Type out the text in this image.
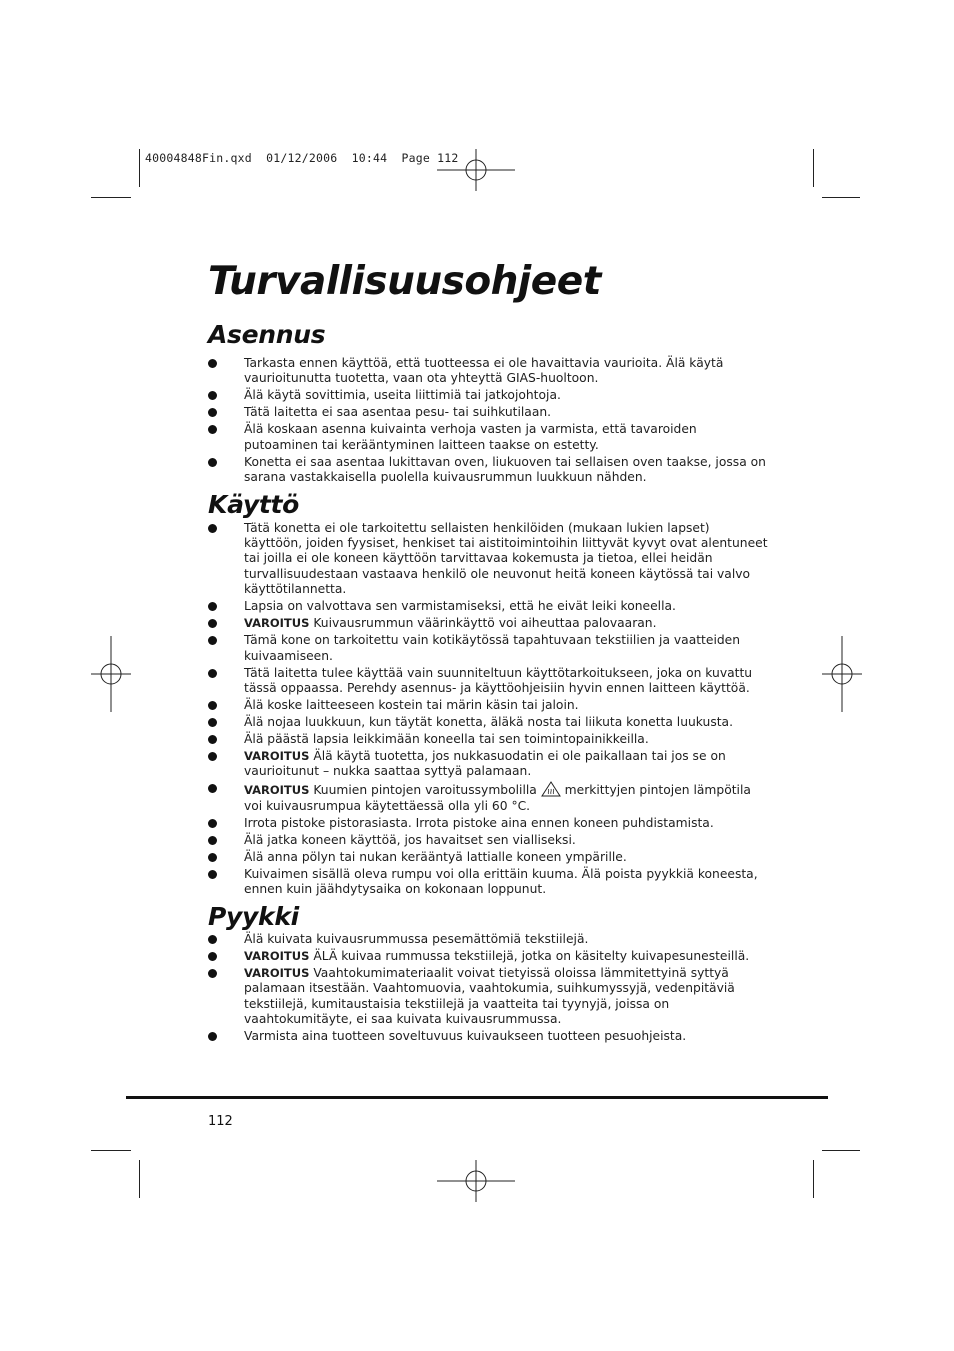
40004848Fin.qxd  01/12/2006  10:44  Page 112
Turvallisuusohjeet
Asennus
Tarkasta ennen käyttöä, että tuotteessa ei ole havaittavia vaurioita. Älä käytä vaurioitunutta tuotetta, vaan ota yhteyttä GIAS-huoltoon.
Älä käytä sovittimia, useita liittimiä tai jatkojohtoja.
Tätä laitetta ei saa asentaa pesu- tai suihkutilaan.
Älä koskaan asenna kuivainta verhoja vasten ja varmista, että tavaroiden putoaminen tai kerääntyminen laitteen taakse on estetty.
Konetta ei saa asentaa lukittavan oven, liukuoven tai sellaisen oven taakse, jossa on sarana vastakkaisella puolella kuivausrummun luukkuun nähden.
Käyttö
Tätä konetta ei ole tarkoitettu sellaisten henkilöiden (mukaan lukien lapset) käyttöön, joiden fyysiset, henkiset tai aistitoimintoihin liittyvät kyvyt ovat alentuneet tai joilla ei ole koneen käyttöön tarvittavaa kokemusta ja tietoa, ellei heidän turvallisuudestaan vastaava henkilö ole neuvonut heitä koneen käytössä tai valvo käyttötilannetta.
Lapsia on valvottava sen varmistamiseksi, että he eivät leiki koneella.
VAROITUS Kuivausrummun väärinkäyttö voi aiheuttaa palovaaran.
Tämä kone on tarkoitettu vain kotikäytössä tapahtuvaan tekstiilien ja vaatteiden kuivaamiseen.
Tätä laitetta tulee käyttää vain suunniteltuun käyttötarkoitukseen, joka on kuvattu tässä oppaassa. Perehdy asennus- ja käyttöohjeisiin hyvin ennen laitteen käyttöä.
Älä koske laitteeseen kostein tai märin käsin tai jaloin.
Älä nojaa luukkuun, kun täytät konetta, äläkä nosta tai liikuta konetta luukusta.
Älä päästä lapsia leikkimään koneella tai sen toimintopainikkeilla.
VAROITUS Älä käytä tuotetta, jos nukkasuodatin ei ole paikallaan tai jos se on vaurioitunut – nukka saattaa syttyä palamaan.
VAROITUS Kuumien pintojen varoitussymbolilla merkittyjen pintojen lämpötila voi kuivausrumpua käytettäessä olla yli 60 °C.
Irrota pistoke pistorasiasta. Irrota pistoke aina ennen koneen puhdistamista.
Älä jatka koneen käyttöä, jos havaitset sen vialliseksi.
Älä anna pölyn tai nukan kerääntyä lattialle koneen ympärille.
Kuivaimen sisällä oleva rumpu voi olla erittäin kuuma. Älä poista pyykkiä koneesta, ennen kuin jäähdytysaika on kokonaan loppunut.
Pyykki
Älä kuivata kuivausrummussa pesemättömiä tekstiilejä.
VAROITUS ÄLÄ kuivaa rummussa tekstiilejä, jotka on käsitelty kuivapesunesteillä.
VAROITUS Vaahtokumimateriaalit voivat tietyissä oloissa lämmitettyinä syttyä palamaan itsestään. Vaahtomuovia, vaahtokumia, suihkumyssyjä, vedenpitäviä tekstiilejä, kumitaustaisia tekstiilejä ja vaatteita tai tyynyjä, joissa on vaahtokumitäyte, ei saa kuivata kuivausrummussa.
Varmista aina tuotteen soveltuvuus kuivaukseen tuotteen pesuohjeista.
112
